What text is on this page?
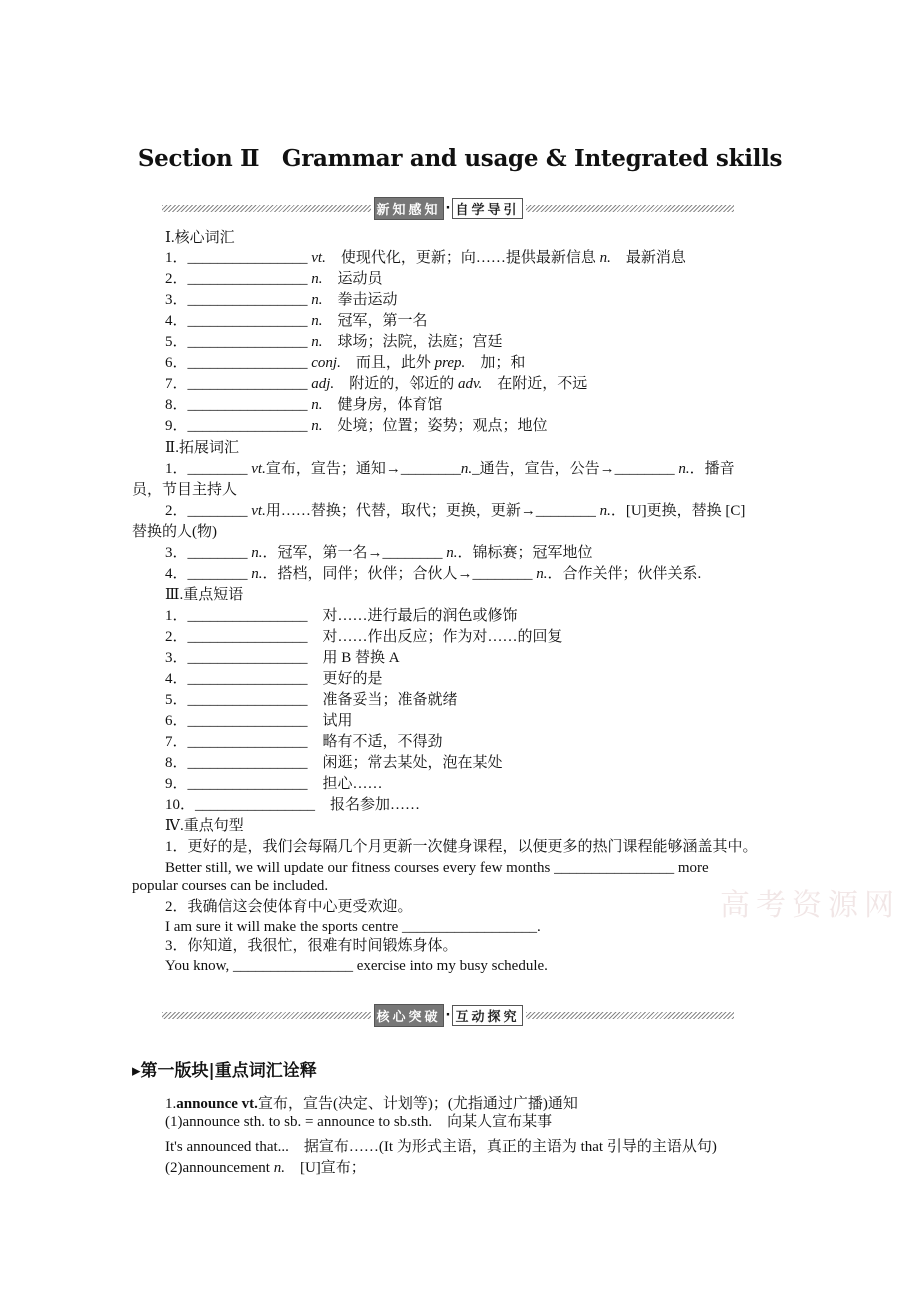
Section Ⅱ　Grammar and usage & Integrated skills
新知感知 · 自学导引
核心突破 · 互动探究
高考资源网
Ⅰ.核心词汇
1．________________ vt.　使现代化，更新；向……提供最新信息 n.　最新消息
2．________________ n.　运动员
3．________________ n.　拳击运动
4．________________ n.　冠军，第一名
5．________________ n.　球场；法院，法庭；宫廷
6．________________ conj.　而且，此外 prep.　加；和
7．________________ adj.　附近的，邻近的 adv.　在附近，不远
8．________________ n.　健身房，体育馆
9．________________ n.　处境；位置；姿势；观点；地位
Ⅱ.拓展词汇
1．________ vt.宣布，宣告；通知→________n._通告，宣告，公告→________ n.．播音
员，节目主持人
2．________ vt.用……替换；代替，取代；更换，更新→________ n.．[U]更换，替换 [C]
替换的人(物)
3．________ n.．冠军，第一名→________ n.．锦标赛；冠军地位
4．________ n.．搭档，同伴；伙伴；合伙人→________ n.．合作关伴；伙伴关系.
Ⅲ.重点短语
1．________________　对……进行最后的润色或修饰
2．________________　对……作出反应；作为对……的回复
3．________________　用 B 替换 A
4．________________　更好的是
5．________________　准备妥当；准备就绪
6．________________　试用
7．________________　略有不适，不得劲
8．________________　闲逛；常去某处，泡在某处
9．________________　担心……
10．________________　报名参加……
Ⅳ.重点句型
1．更好的是，我们会每隔几个月更新一次健身课程，以便更多的热门课程能够涵盖其中。
Better still, we will update our fitness courses every few months ________________ more
popular courses can be included.
2．我确信这会使体育中心更受欢迎。
I am sure it will make the sports centre __________________.
3．你知道，我很忙，很难有时间锻炼身体。
You know, ________________ exercise into my busy schedule.
▸第一版块|重点词汇诠释
1.announce vt.宣布，宣告(决定、计划等)；(尤指通过广播)通知
(1)announce sth. to sb. = announce to sb.sth.　向某人宣布某事
It's announced that...　据宣布……(It 为形式主语，真正的主语为 that 引导的主语从句)
(2)announcement n.　[U]宣布；
